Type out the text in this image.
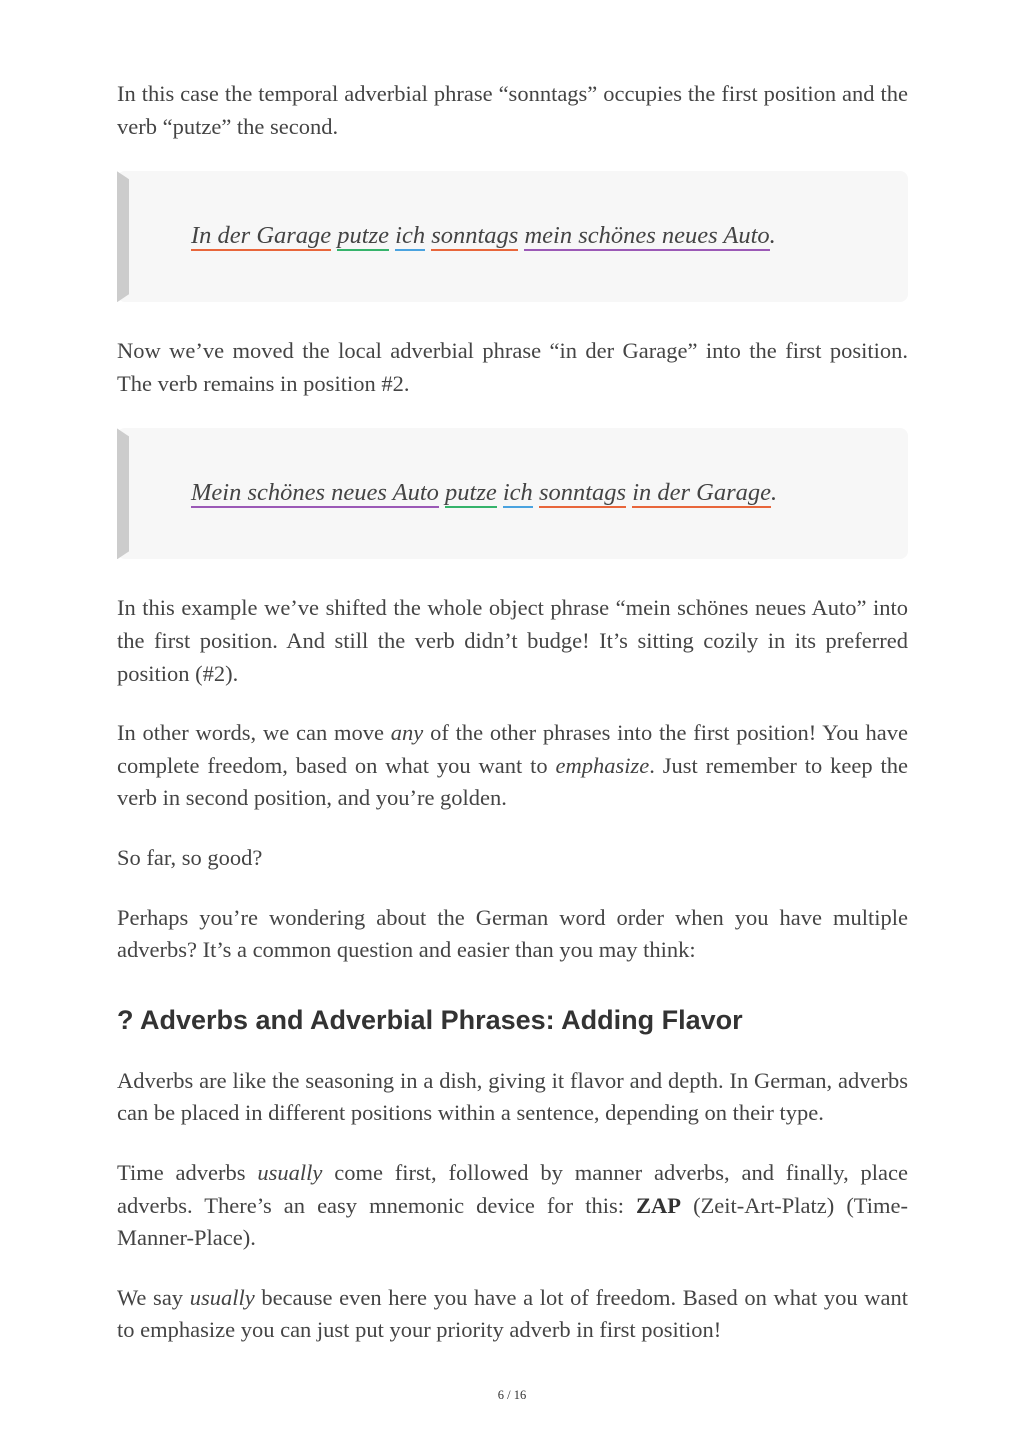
In this case the temporal adverbial phrase “sonntags” occupies the first position and the verb “putze” the second.

In der Garage putze ich sonntags mein schönes neues Auto.

Now we’ve moved the local adverbial phrase “in der Garage” into the first position. The verb remains in position #2.

Mein schönes neues Auto putze ich sonntags in der Garage.

In this example we’ve shifted the whole object phrase “mein schönes neues Auto” into the first position. And still the verb didn’t budge! It’s sitting cozily in its preferred position (#2).

In other words, we can move any of the other phrases into the first position! You have complete freedom, based on what you want to emphasize. Just remember to keep the verb in second position, and you’re golden.

So far, so good?

Perhaps you’re wondering about the German word order when you have multiple adverbs? It’s a common question and easier than you may think:

? Adverbs and Adverbial Phrases: Adding Flavor

Adverbs are like the seasoning in a dish, giving it flavor and depth. In German, adverbs can be placed in different positions within a sentence, depending on their type.

Time adverbs usually come first, followed by manner adverbs, and finally, place adverbs. There’s an easy mnemonic device for this: ZAP (Zeit-Art-Platz) (Time-Manner-Place).

We say usually because even here you have a lot of freedom. Based on what you want to emphasize you can just put your priority adverb in first position!

6 / 16
